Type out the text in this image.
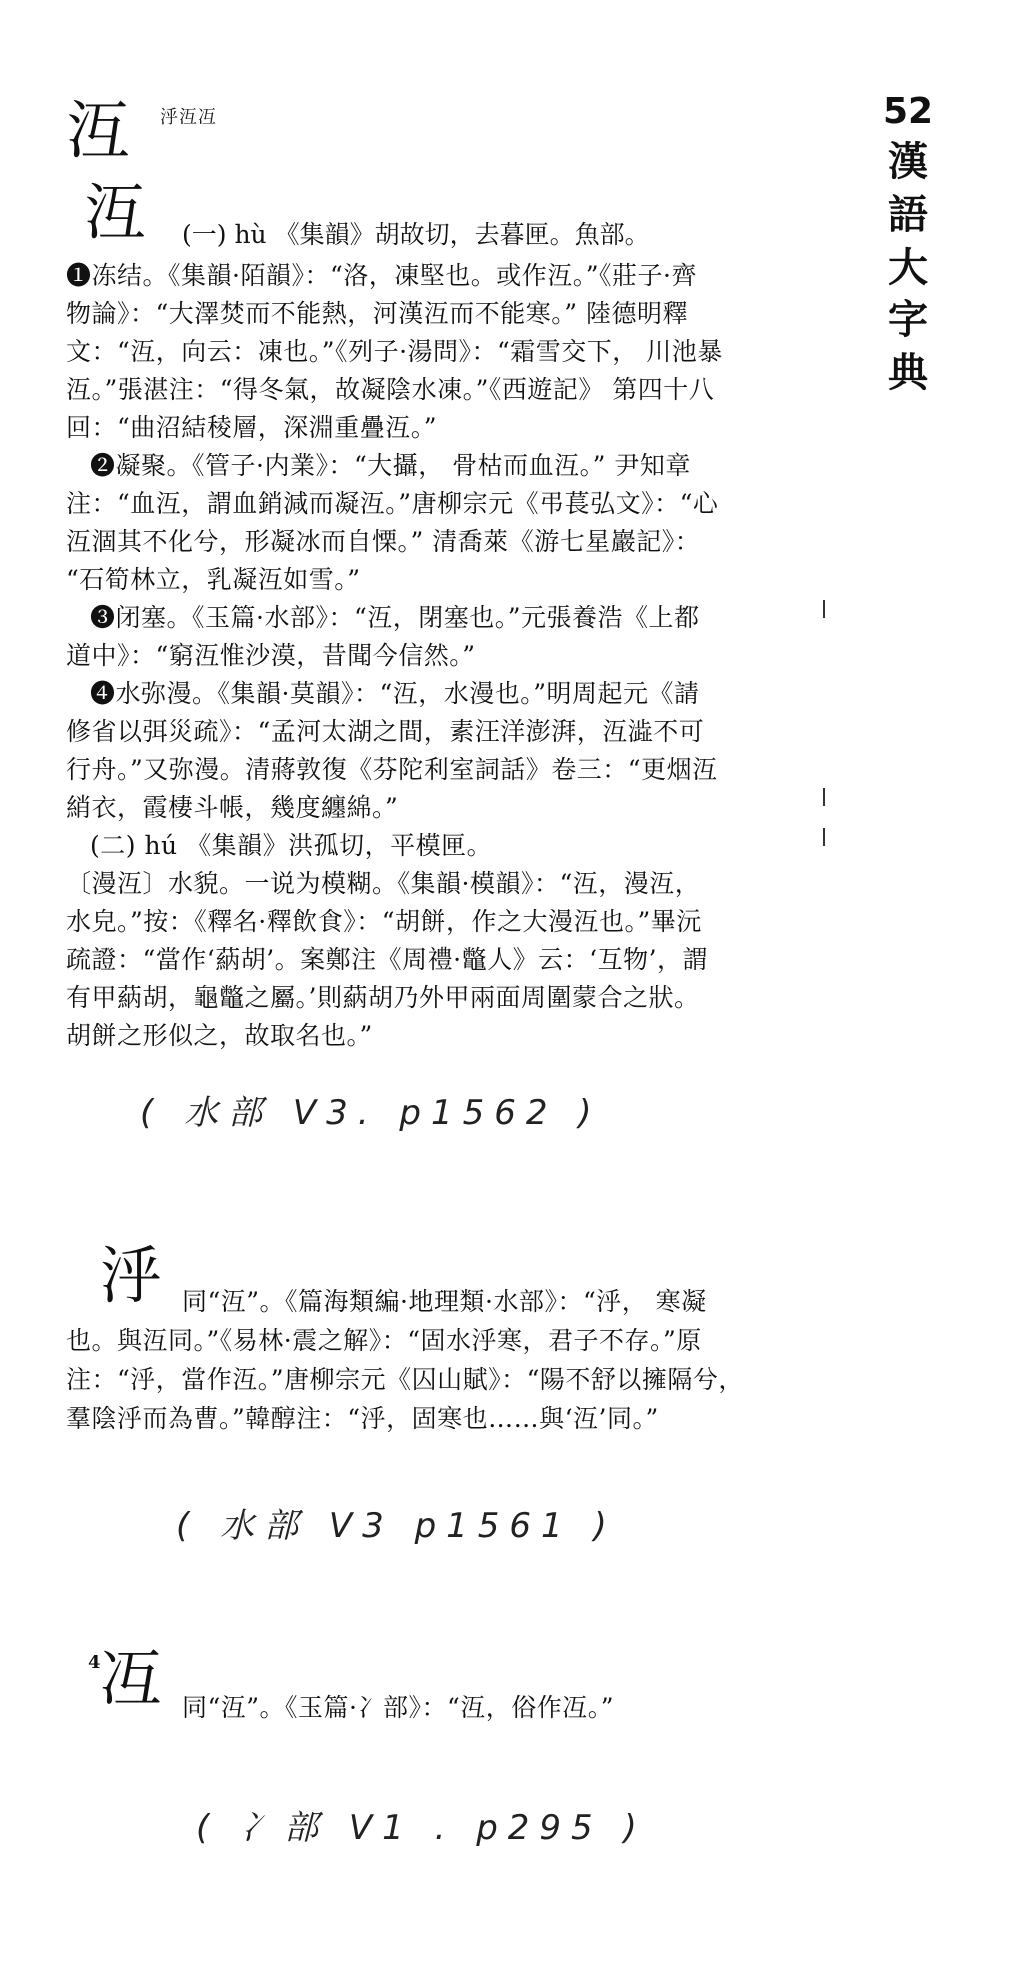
52
漢
語
大
字
典
沍 泘沍冱
沍 (一) hù 《集韻》胡故切，去暮匣。魚部。
❶冻结。《集韻·陌韻》：“洛，凍堅也。或作沍。”《莊子·齊
物論》：“大澤焚而不能熱，河漢沍而不能寒。” 陸德明釋
文：“沍，向云：凍也。”《列子·湯問》：“霜雪交下， 川池暴
沍。”張湛注：“得冬氣，故凝陰水凍。”《西遊記》 第四十八
回：“曲沼結稜層，深淵重疊沍。”
❷凝聚。《管子·内業》：“大攝， 骨枯而血沍。” 尹知章
注：“血沍，謂血銷減而凝沍。”唐柳宗元《弔萇弘文》：“心
沍涸其不化兮，形凝冰而自慄。” 清喬萊《游七星巖記》：
“石筍林立，乳凝沍如雪。”
❸闭塞。《玉篇·水部》：“沍，閉塞也。”元張養浩《上都
道中》：“窮沍惟沙漠，昔聞今信然。”
❹水弥漫。《集韻·莫韻》：“沍，水漫也。”明周起元《請
修省以弭災疏》：“孟河太湖之間，素汪洋澎湃，沍澁不可
行舟。”又弥漫。清蔣敦復《芬陀利室詞話》卷三：“更烟沍
綃衣，霞棲斗帳，幾度纏綿。”
(二) hú 《集韻》洪孤切，平模匣。
〔漫沍〕水貌。一说为模糊。《集韻·模韻》：“沍，漫沍，
水皃。”按：《釋名·釋飲食》：“胡餅，作之大漫沍也。”畢沅
疏證：“當作‘蒳胡’。案鄭注《周禮·鼈人》云：‘互物’，謂
有甲蒳胡，龜鼈之屬。’則蒳胡乃外甲兩面周圍蒙合之狀。
胡餅之形似之，故取名也。”
( 水部 V3. p1562 )
泘 同“沍”。《篇海類編·地理類·水部》：“泘， 寒凝
也。與沍同。”《易林·震之解》：“固水泘寒，君子不存。”原
注：“泘，當作沍。”唐柳宗元《囚山賦》：“陽不舒以擁隔兮，
羣陰泘而為曹。”韓醇注：“泘，固寒也……與‘沍’同。”
( 水部 V3 p1561 )
4 冱 同“沍”。《玉篇·冫部》：“沍，俗作冱。”
( 冫部 V1 . p295 )
